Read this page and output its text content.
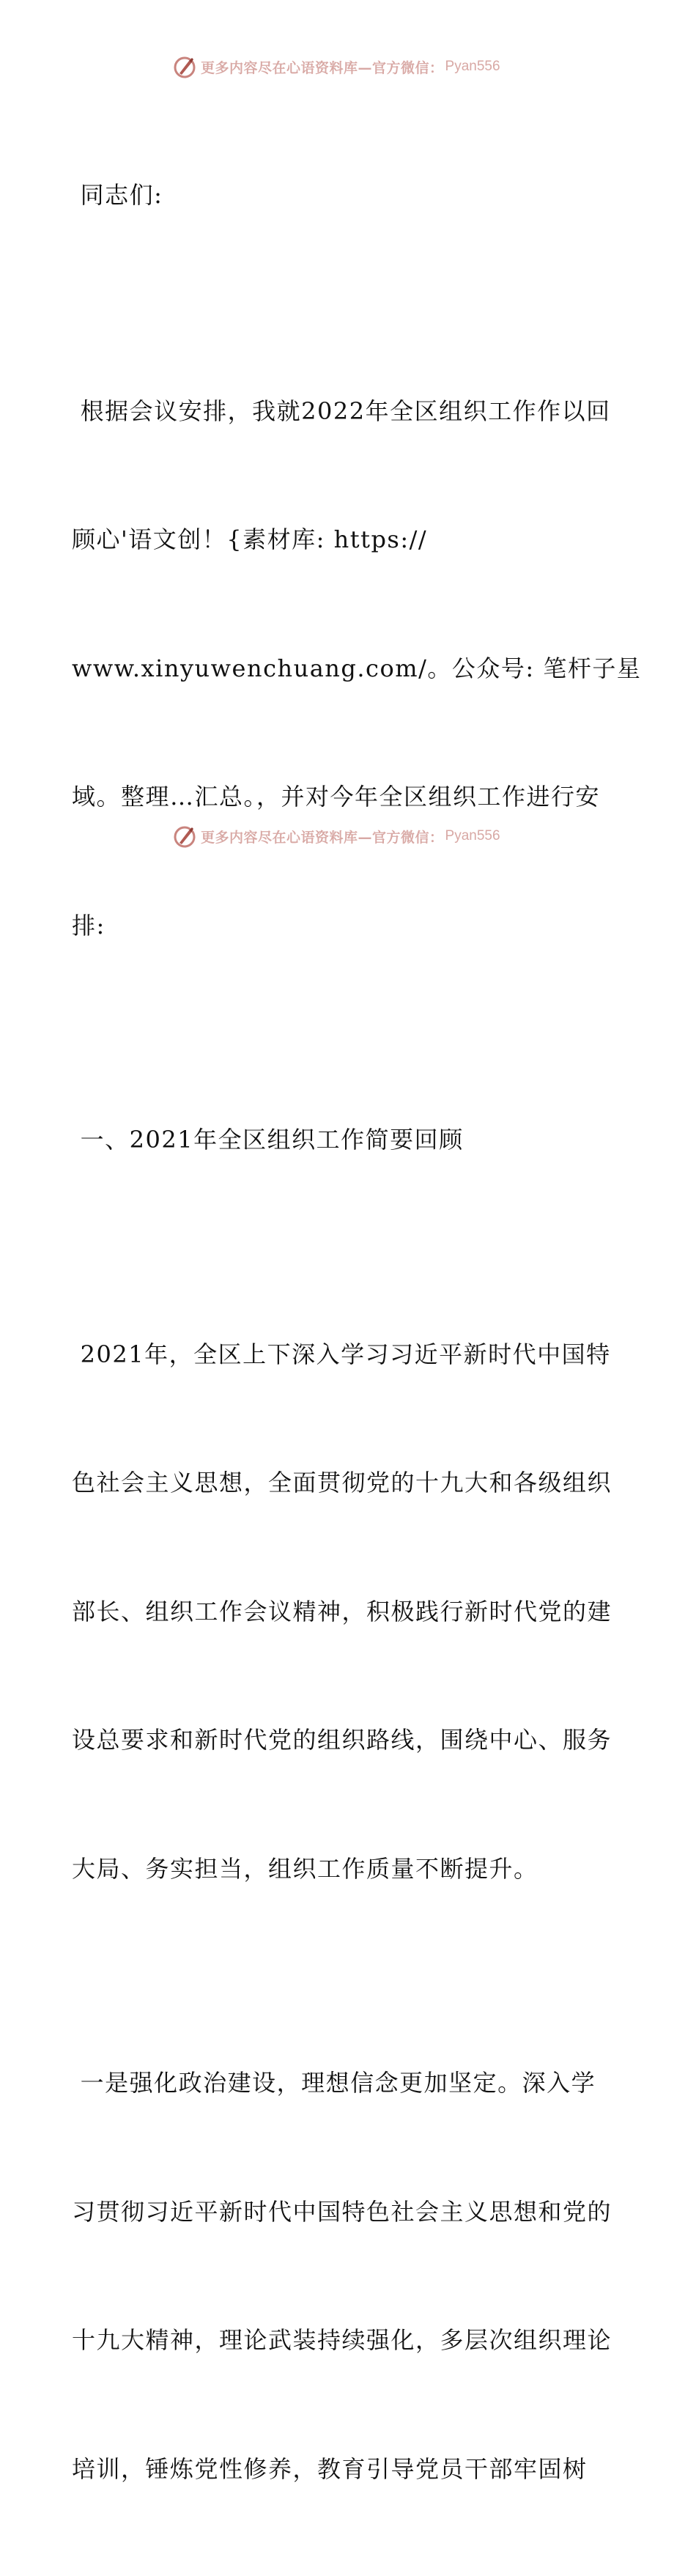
更多内容尽在心语资料库—官方微信： Pyan556

同志们:

根据会议安排，我就2022年全区组织工作作以回

顾心'语文创！{素材库: https://

www.xinyuwenchuang.com/。公众号: 笔杆子星

域。整理…汇总。，并对今年全区组织工作进行安

排:

一、2021年全区组织工作简要回顾

2021年，全区上下深入学习习近平新时代中国特

色社会主义思想，全面贯彻党的十九大和各级组织

部长、组织工作会议精神，积极践行新时代党的建

设总要求和新时代党的组织路线，围绕中心、服务

大局、务实担当，组织工作质量不断提升。

一是强化政治建设，理想信念更加坚定。深入学

习贯彻习近平新时代中国特色社会主义思想和党的

十九大精神，理论武装持续强化，多层次组织理论

培训，锤炼党性修养，教育引导党员干部牢固树

更多内容尽在心语资料库—官方微信： Pyan556
